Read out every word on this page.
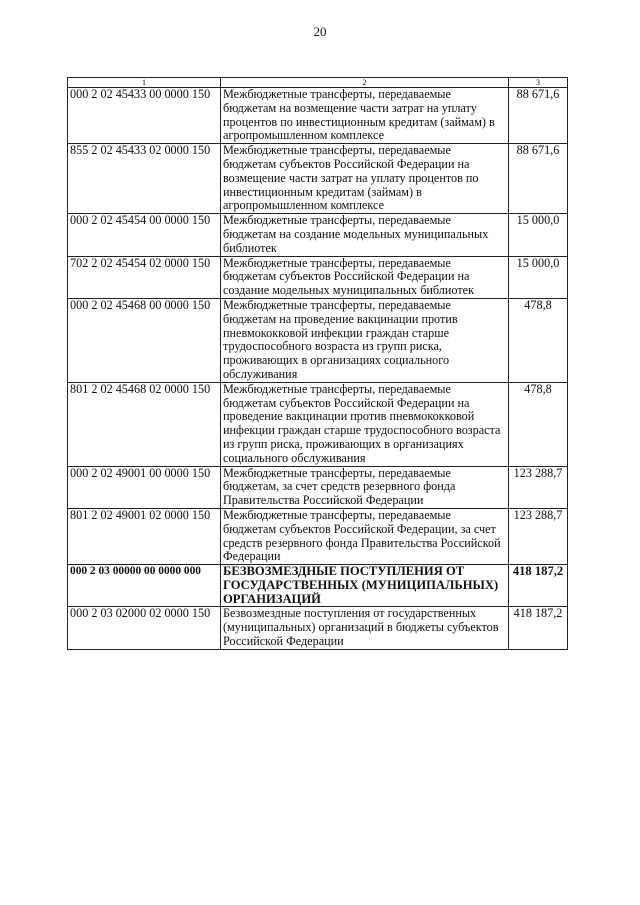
20
1	2	3
000 2 02 45433 00 0000 150	Межбюджетные трансферты, передаваемые бюджетам на возмещение части затрат на уплату процентов по инвестиционным кредитам (займам) в агропромышленном комплексе	88 671,6
855 2 02 45433 02 0000 150	Межбюджетные трансферты, передаваемые бюджетам субъектов Российской Федерации на возмещение части затрат на уплату процентов по инвестиционным кредитам (займам) в агропромышленном комплексе	88 671,6
000 2 02 45454 00 0000 150	Межбюджетные трансферты, передаваемые бюджетам на создание модельных муниципальных библиотек	15 000,0
702 2 02 45454 02 0000 150	Межбюджетные трансферты, передаваемые бюджетам субъектов Российской Федерации на создание модельных муниципальных библиотек	15 000,0
000 2 02 45468 00 0000 150	Межбюджетные трансферты, передаваемые бюджетам на проведение вакцинации против пневмококковой инфекции граждан старше трудоспособного возраста из групп риска, проживающих в организациях социального обслуживания	478,8
801 2 02 45468 02 0000 150	Межбюджетные трансферты, передаваемые бюджетам субъектов Российской Федерации на проведение вакцинации против пневмококковой инфекции граждан старше трудоспособного возраста из групп риска, проживающих в организациях социального обслуживания	478,8
000 2 02 49001 00 0000 150	Межбюджетные трансферты, передаваемые бюджетам, за счет средств резервного фонда Правительства Российской Федерации	123 288,7
801 2 02 49001 02 0000 150	Межбюджетные трансферты, передаваемые бюджетам субъектов Российской Федерации, за счет средств резервного фонда Правительства Российской Федерации	123 288,7
000 2 03 00000 00 0000 000	БЕЗВОЗМЕЗДНЫЕ ПОСТУПЛЕНИЯ ОТ ГОСУДАРСТВЕННЫХ (МУНИЦИПАЛЬНЫХ) ОРГАНИЗАЦИЙ	418 187,2
000 2 03 02000 02 0000 150	Безвозмездные поступления от государственных (муниципальных) организаций в бюджеты субъектов Российской Федерации	418 187,2
